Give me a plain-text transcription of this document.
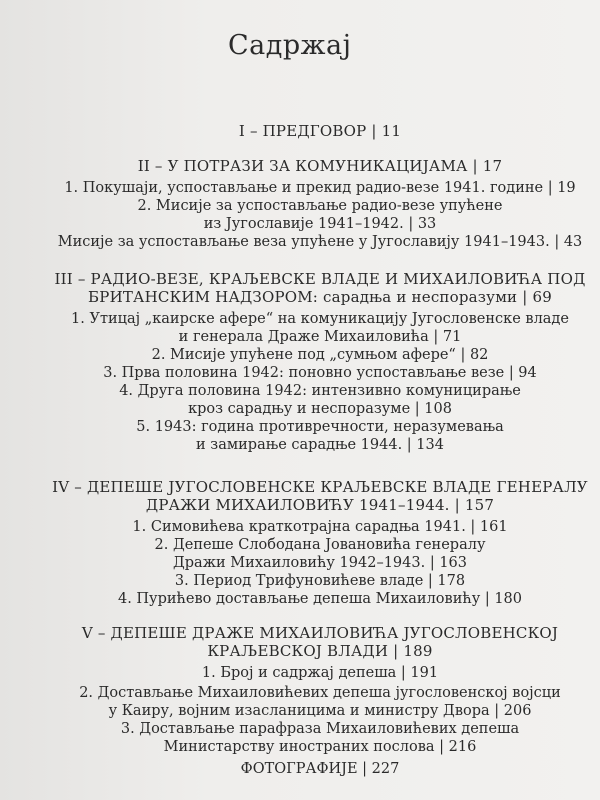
Садржај
I – ПРЕДГОВОР | 11
II – У ПОТРАЗИ ЗА КОМУНИКАЦИЈАМА | 17
1. Покушаји, успостављање и прекид радио-везе 1941. године | 19
2. Мисије за успостављање радио-везе упућене
из Југославије 1941–1942. | 33
Мисије за успостављање веза упућене у Југославију 1941–1943. | 43
III – РАДИО-ВЕЗЕ, КРАЉЕВСКЕ ВЛАДЕ И МИХАИЛОВИЋА ПОД
БРИТАНСКИМ НАДЗОРОМ: сарадња и неспоразуми | 69
1. Утицај „каирске афере“ на комуникацију Југословенске владе
и генерала Драже Михаиловића | 71
2. Мисије упућене под „сумњом афере“ | 82
3. Прва половина 1942: поновно успостављање везе | 94
4. Друга половина 1942: интензивно комуницирање
кроз сарадњу и неспоразуме | 108
5. 1943: година противречности, неразумевања
и замирање сарадње 1944. | 134
IV – ДЕПЕШЕ ЈУГОСЛОВЕНСКЕ КРАЉЕВСКЕ ВЛАДЕ ГЕНЕРАЛУ
ДРАЖИ МИХАИЛОВИЋУ 1941–1944. | 157
1. Симовићева краткотрајна сарадња 1941. | 161
2. Депеше Слободана Јовановића генералу
Дражи Михаиловићу 1942–1943. | 163
3. Период Трифуновићеве владе | 178
4. Пурићево достављање депеша Михаиловићу | 180
V – ДЕПЕШЕ ДРАЖЕ МИХАИЛОВИЋА ЈУГОСЛОВЕНСКОЈ
КРАЉЕВСКОЈ ВЛАДИ | 189
1. Број и садржај депеша | 191
2. Достављање Михаиловићевих депеша југословенској војсци
у Каиру, војним изасланицима и министру Двора | 206
3. Достављање парафраза Михаиловићевих депеша
Министарству иностраних послова | 216
ФОТОГРАФИЈЕ | 227
